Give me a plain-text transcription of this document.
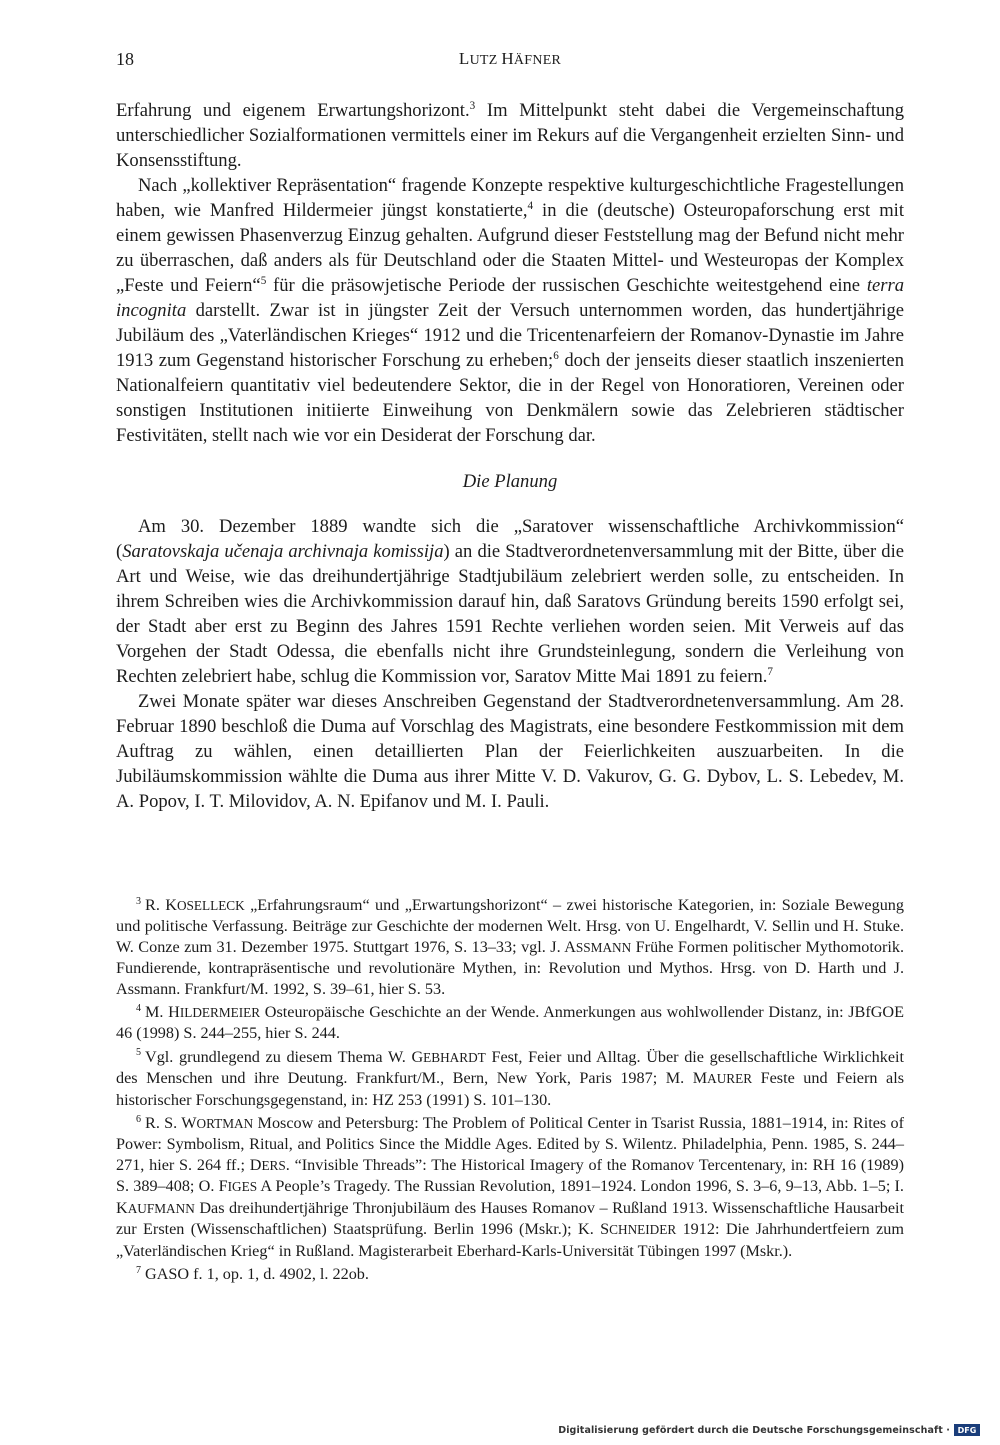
18	LUTZ HÄFNER

Erfahrung und eigenem Erwartungshorizont.$^3$ Im Mittelpunkt steht dabei die Vergemeinschaftung unterschiedlicher Sozialformationen vermittels einer im Rekurs auf die Vergangenheit erzielten Sinn- und Konsensstiftung.

Nach „kollektiver Repräsentation“ fragende Konzepte respektive kulturgeschichtliche Fragestellungen haben, wie Manfred Hildermeier jüngst konstatierte,$^4$ in die (deutsche) Osteuropaforschung erst mit einem gewissen Phasenverzug Einzug gehalten. Aufgrund dieser Feststellung mag der Befund nicht mehr zu überraschen, daß anders als für Deutschland oder die Staaten Mittel- und Westeuropas der Komplex „Feste und Feiern“$^5$ für die präsowjetische Periode der russischen Geschichte weitestgehend eine terra incognita darstellt. Zwar ist in jüngster Zeit der Versuch unternommen worden, das hundertjährige Jubiläum des „Vaterländischen Krieges“ 1912 und die Tricentenarfeiern der Romanov-Dynastie im Jahre 1913 zum Gegenstand historischer Forschung zu erheben;$^6$ doch der jenseits dieser staatlich inszenierten Nationalfeiern quantitativ viel bedeutendere Sektor, die in der Regel von Honoratioren, Vereinen oder sonstigen Institutionen initiierte Einweihung von Denkmälern sowie das Zelebrieren städtischer Festivitäten, stellt nach wie vor ein Desiderat der Forschung dar.

Die Planung

Am 30. Dezember 1889 wandte sich die „Saratover wissenschaftliche Archivkommission“ (Saratovskaja učenaja archivnaja komissija) an die Stadtverordnetenversammlung mit der Bitte, über die Art und Weise, wie das dreihundertjährige Stadtjubiläum zelebriert werden solle, zu entscheiden. In ihrem Schreiben wies die Archivkommission darauf hin, daß Saratovs Gründung bereits 1590 erfolgt sei, der Stadt aber erst zu Beginn des Jahres 1591 Rechte verliehen worden seien. Mit Verweis auf das Vorgehen der Stadt Odessa, die ebenfalls nicht ihre Grundsteinlegung, sondern die Verleihung von Rechten zelebriert habe, schlug die Kommission vor, Saratov Mitte Mai 1891 zu feiern.$^7$

Zwei Monate später war dieses Anschreiben Gegenstand der Stadtverordnetenversammlung. Am 28. Februar 1890 beschloß die Duma auf Vorschlag des Magistrats, eine besondere Festkommission mit dem Auftrag zu wählen, einen detaillierten Plan der Feierlichkeiten auszuarbeiten. In die Jubiläumskommission wählte die Duma aus ihrer Mitte V. D. Vakurov, G. G. Dybov, L. S. Lebedev, M. A. Popov, I. T. Milovidov, A. N. Epifanov und M. I. Pauli.

$^3$ R. KOSELLECK „Erfahrungsraum“ und „Erwartungshorizont“ – zwei historische Kategorien, in: Soziale Bewegung und politische Verfassung. Beiträge zur Geschichte der modernen Welt. Hrsg. von U. Engelhardt, V. Sellin und H. Stuke. W. Conze zum 31. Dezember 1975. Stuttgart 1976, S. 13–33; vgl. J. ASSMANN Frühe Formen politischer Mythomotorik. Fundierende, kontrapräsentische und revolutionäre Mythen, in: Revolution und Mythos. Hrsg. von D. Harth und J. Assmann. Frankfurt/M. 1992, S. 39–61, hier S. 53.

$^4$ M. HILDERMEIER Osteuropäische Geschichte an der Wende. Anmerkungen aus wohlwollender Distanz, in: JBfGOE 46 (1998) S. 244–255, hier S. 244.

$^5$ Vgl. grundlegend zu diesem Thema W. GEBHARDT Fest, Feier und Alltag. Über die gesellschaftliche Wirklichkeit des Menschen und ihre Deutung. Frankfurt/M., Bern, New York, Paris 1987; M. MAURER Feste und Feiern als historischer Forschungsgegenstand, in: HZ 253 (1991) S. 101–130.

$^6$ R. S. WORTMAN Moscow and Petersburg: The Problem of Political Center in Tsarist Russia, 1881–1914, in: Rites of Power: Symbolism, Ritual, and Politics Since the Middle Ages. Edited by S. Wilentz. Philadelphia, Penn. 1985, S. 244–271, hier S. 264 ff.; DERS. “Invisible Threads”: The Historical Imagery of the Romanov Tercentenary, in: RH 16 (1989) S. 389–408; O. FIGES A People’s Tragedy. The Russian Revolution, 1891–1924. London 1996, S. 3–6, 9–13, Abb. 1–5; I. KAUFMANN Das dreihundertjährige Thronjubiläum des Hauses Romanov – Rußland 1913. Wissenschaftliche Hausarbeit zur Ersten (Wissenschaftlichen) Staatsprüfung. Berlin 1996 (Mskr.); K. SCHNEIDER 1912: Die Jahrhundertfeiern zum „Vaterländischen Krieg“ in Rußland. Magisterarbeit Eberhard-Karls-Universität Tübingen 1997 (Mskr.).

$^7$ GASO f. 1, op. 1, d. 4902, l. 22ob.

Digitalisierung gefördert durch die Deutsche Forschungsgemeinschaft · DFG
